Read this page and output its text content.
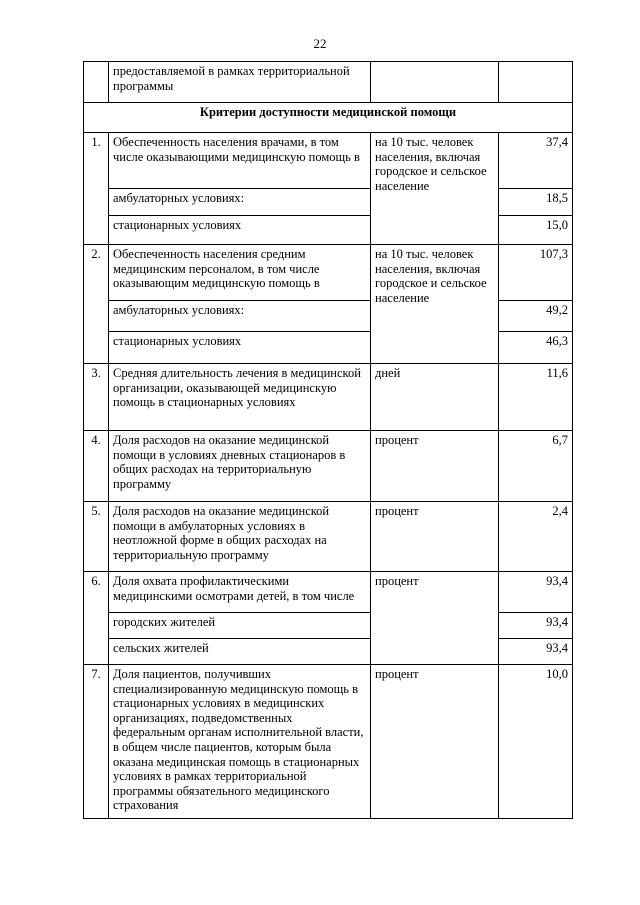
22
	предоставляемой в рамках территориальной программы		
Критерии доступности медицинской помощи			
1.	Обеспеченность населения врачами, в том числе оказывающими медицинскую помощь в	на 10 тыс. человек населения, включая городское и сельское население	37,4
	амбулаторных условиях:		18,5
	стационарных условиях		15,0
2.	Обеспеченность населения средним медицинским персоналом, в том числе оказывающим медицинскую помощь в	на 10 тыс. человек населения, включая городское и сельское население	107,3
	амбулаторных условиях:		49,2
	стационарных условиях		46,3
3.	Средняя длительность лечения в медицинской организации, оказывающей медицинскую помощь в стационарных условиях	дней	11,6
4.	Доля расходов на оказание медицинской помощи в условиях дневных стационаров в общих расходах на территориальную программу	процент	6,7
5.	Доля расходов на оказание медицинской помощи в амбулаторных условиях в неотложной форме в общих расходах на территориальную программу	процент	2,4
6.	Доля охвата профилактическими медицинскими осмотрами детей, в том числе	процент	93,4
	городских жителей		93,4
	сельских жителей		93,4
7.	Доля пациентов, получивших специализированную медицинскую помощь в стационарных условиях в медицинских организациях, подведомственных федеральным органам исполнительной власти, в общем числе пациентов, которым была оказана медицинская помощь в стационарных условиях в рамках территориальной программы обязательного медицинского страхования	процент	10,0
